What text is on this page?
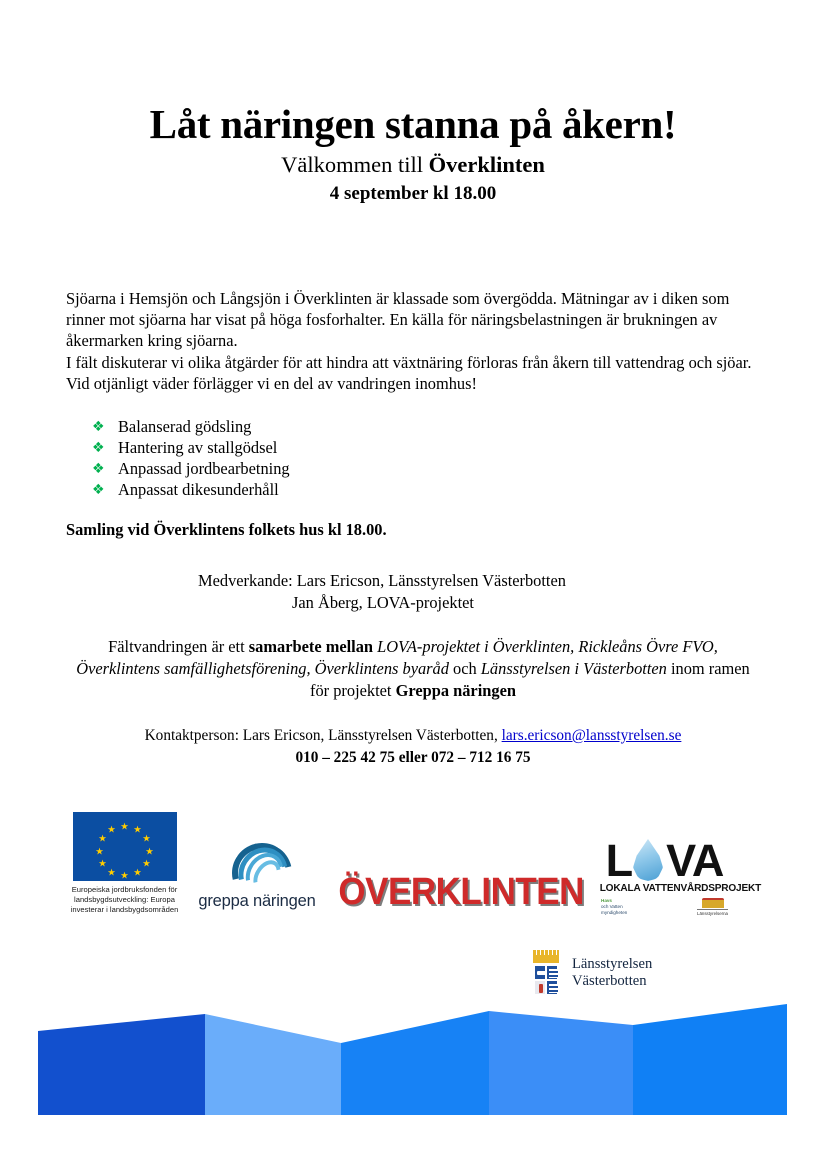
Låt näringen stanna på åkern!
Välkommen till Överklinten
4 september kl 18.00

Sjöarna i Hemsjön och Långsjön i Överklinten är klassade som övergödda. Mätningar av i diken som rinner mot sjöarna har visat på höga fosforhalter. En källa för näringsbelastningen är brukningen av åkermarken kring sjöarna.

I fält diskuterar vi olika åtgärder för att hindra att växtnäring förloras från åkern till vattendrag och sjöar. Vid otjänligt väder förlägger vi en del av vandringen inomhus!

❖ Balanserad gödsling
❖ Hantering av stallgödsel
❖ Anpassad jordbearbetning
❖ Anpassat dikesunderhåll
Samling vid Överklintens folkets hus kl 18.00.
Medverkande: Lars Ericson, Länsstyrelsen Västerbotten
Jan Åberg, LOVA-projektet
Fältvandringen är ett samarbete mellan LOVA-projektet i Överklinten, Rickleåns Övre FVO, Överklintens samfällighetsförening, Överklintens byaråd och Länsstyrelsen i Västerbotten inom ramen för projektet Greppa näringen
Kontaktperson: Lars Ericson, Länsstyrelsen Västerbotten, lars.ericson@lansstyrelsen.se
010 – 225 42 75 eller 072 – 712 16 75
★ ★
★
★
★
★
★
★
★
★
★
★
Europeiska jordbruksfonden för landsbygdsutveckling: Europa investerar i landsbygdsområden	greppa näringen ÖVERKLINTEN
L VA
LOKALA VATTENVÅRDSPROJEKT
Havs
och Vatten
myndigheten	Länsstyrelserna
Länsstyrelsen
Västerbotten
